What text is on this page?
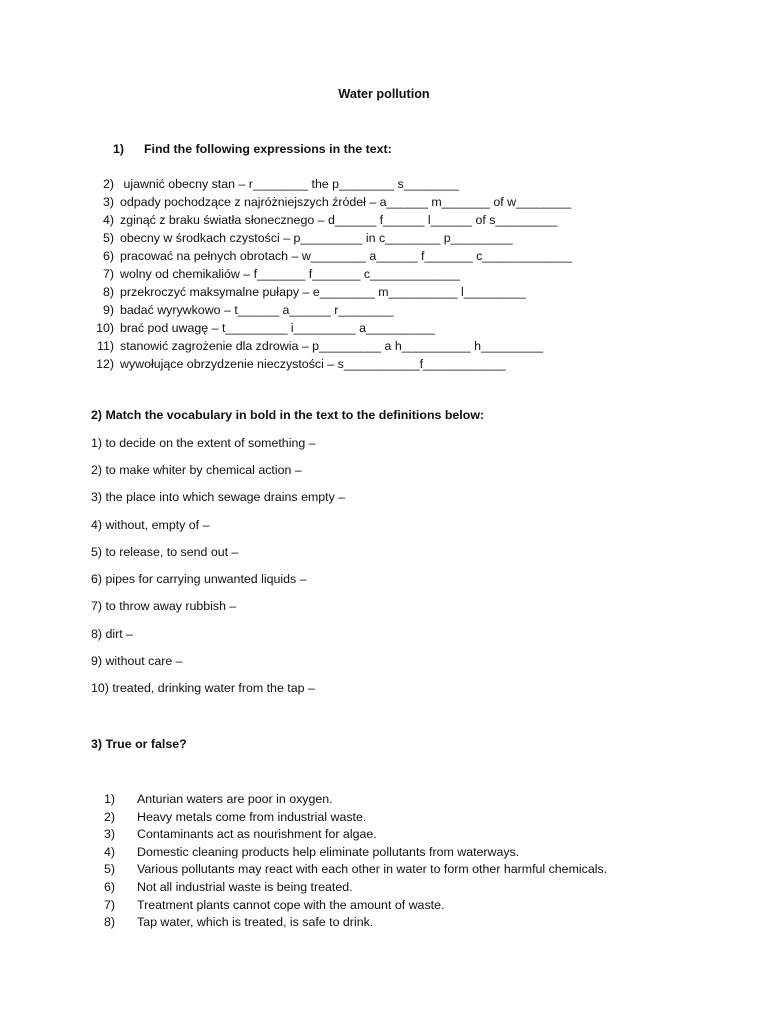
Water pollution
1) Find the following expressions in the text:
2) ujawnić obecny stan – r________ the p________ s________
3) odpady pochodzące z najróżniejszych źródeł – a______ m_______ of w________
4) zginąć z braku światła słonecznego – d______ f______ l______ of s_________
5) obecny w środkach czystości – p_________ in c________ p_________
6) pracować na pełnych obrotach – w________ a______ f_______ c_____________
7) wolny od chemikaliów – f_______ f_______ c_____________
8) przekroczyć maksymalne pułapy – e________ m__________ l_________
9) badać wyrywkowo – t______ a______ r________
10) brać pod uwagę – t_________ i_________ a__________
11) stanowić zagrożenie dla zdrowia – p_________ a h__________ h_________
12) wywołujące obrzydzenie nieczystości – s___________f____________
2) Match the vocabulary in bold in the text to the definitions below:
1) to decide on the extent of something –
2) to make whiter by chemical action –
3) the place into which sewage drains empty –
4) without, empty of –
5) to release, to send out –
6) pipes for carrying unwanted liquids –
7) to throw away rubbish –
8) dirt –
9) without care –
10) treated, drinking water from the tap –
3) True or false?
1) Anturian waters are poor in oxygen.
2) Heavy metals come from industrial waste.
3) Contaminants act as nourishment for algae.
4) Domestic cleaning products help eliminate pollutants from waterways.
5) Various pollutants may react with each other in water to form other harmful chemicals.
6) Not all industrial waste is being treated.
7) Treatment plants cannot cope with the amount of waste.
8) Tap water, which is treated, is safe to drink.
